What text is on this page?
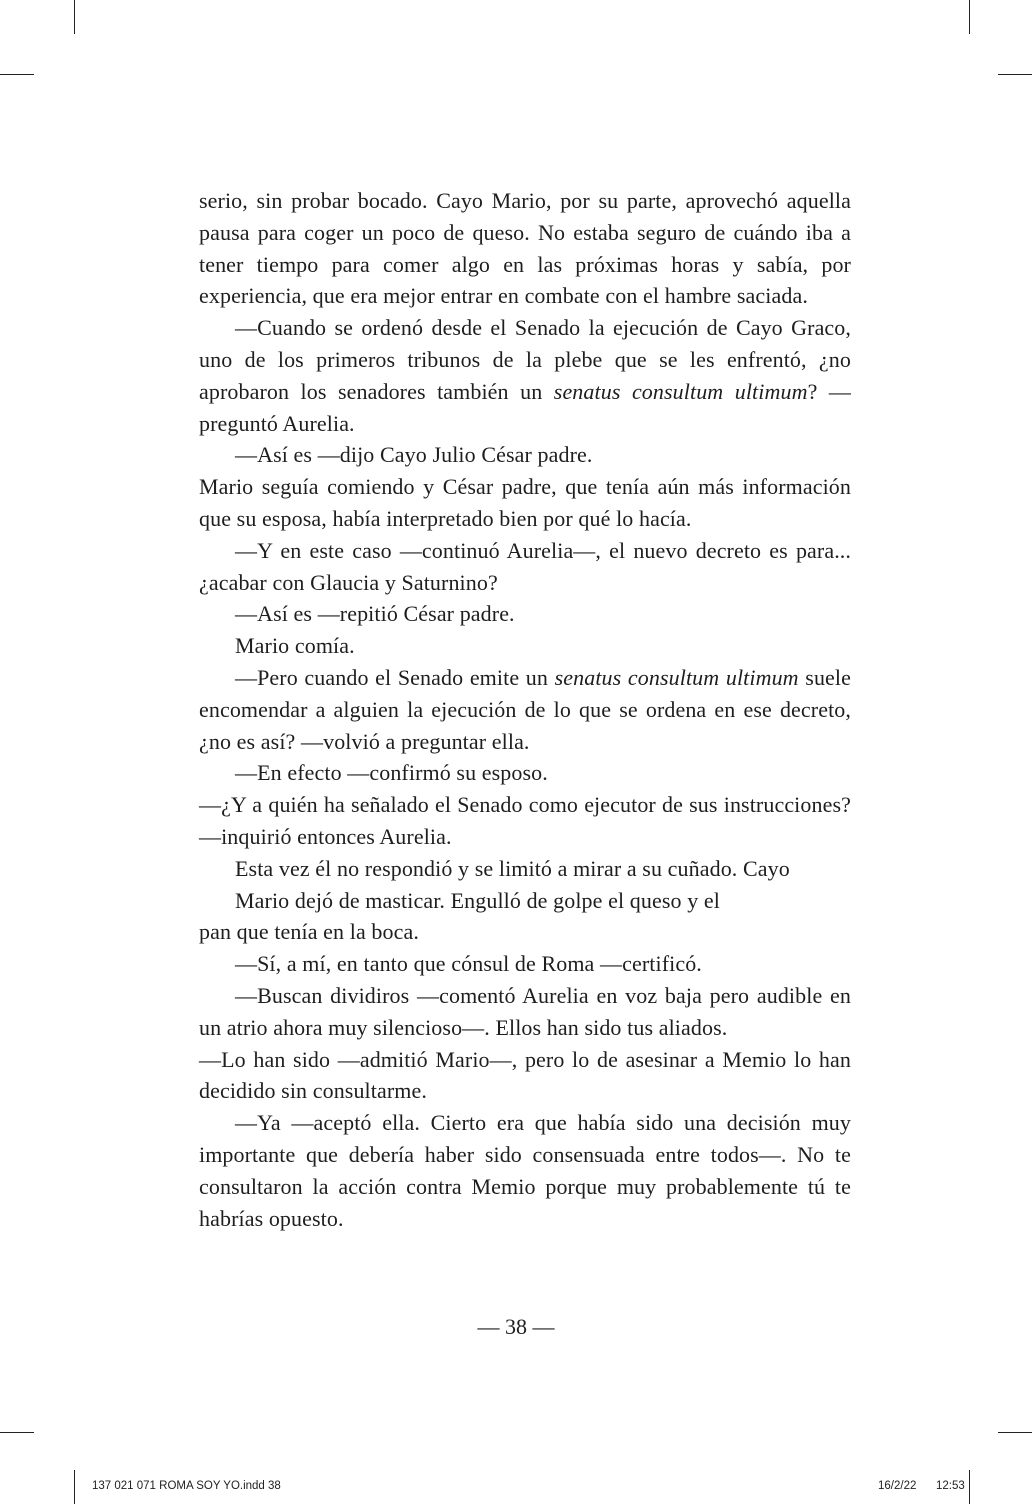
serio, sin probar bocado. Cayo Mario, por su parte, aprovechó aquella pausa para coger un poco de queso. No estaba seguro de cuándo iba a tener tiempo para comer algo en las próximas horas y sabía, por experiencia, que era mejor entrar en combate con el hambre saciada.

—Cuando se ordenó desde el Senado la ejecución de Cayo Graco, uno de los primeros tribunos de la plebe que se les enfrentó, ¿no aprobaron los senadores también un senatus consultum ultimum? —preguntó Aurelia.

—Así es —dijo Cayo Julio César padre.

Mario seguía comiendo y César padre, que tenía aún más información que su esposa, había interpretado bien por qué lo hacía.

—Y en este caso —continuó Aurelia—, el nuevo decreto es para... ¿acabar con Glaucia y Saturnino?

—Así es —repitió César padre.

Mario comía.

—Pero cuando el Senado emite un senatus consultum ultimum suele encomendar a alguien la ejecución de lo que se ordena en ese decreto, ¿no es así? —volvió a preguntar ella.

—En efecto —confirmó su esposo.

—¿Y a quién ha señalado el Senado como ejecutor de sus instrucciones? —inquirió entonces Aurelia.

Esta vez él no respondió y se limitó a mirar a su cuñado. Cayo

Mario dejó de masticar. Engulló de golpe el queso y el

pan que tenía en la boca.

—Sí, a mí, en tanto que cónsul de Roma —certificó.

—Buscan dividiros —comentó Aurelia en voz baja pero audible en un atrio ahora muy silencioso—. Ellos han sido tus aliados.

—Lo han sido —admitió Mario—, pero lo de asesinar a Memio lo han decidido sin consultarme.

—Ya —aceptó ella. Cierto era que había sido una decisión muy importante que debería haber sido consensuada entre todos—. No te consultaron la acción contra Memio porque muy probablemente tú te habrías opuesto.

— 38 —
137 021 071 ROMA SOY YO.indd 38	16/2/22 12:53
